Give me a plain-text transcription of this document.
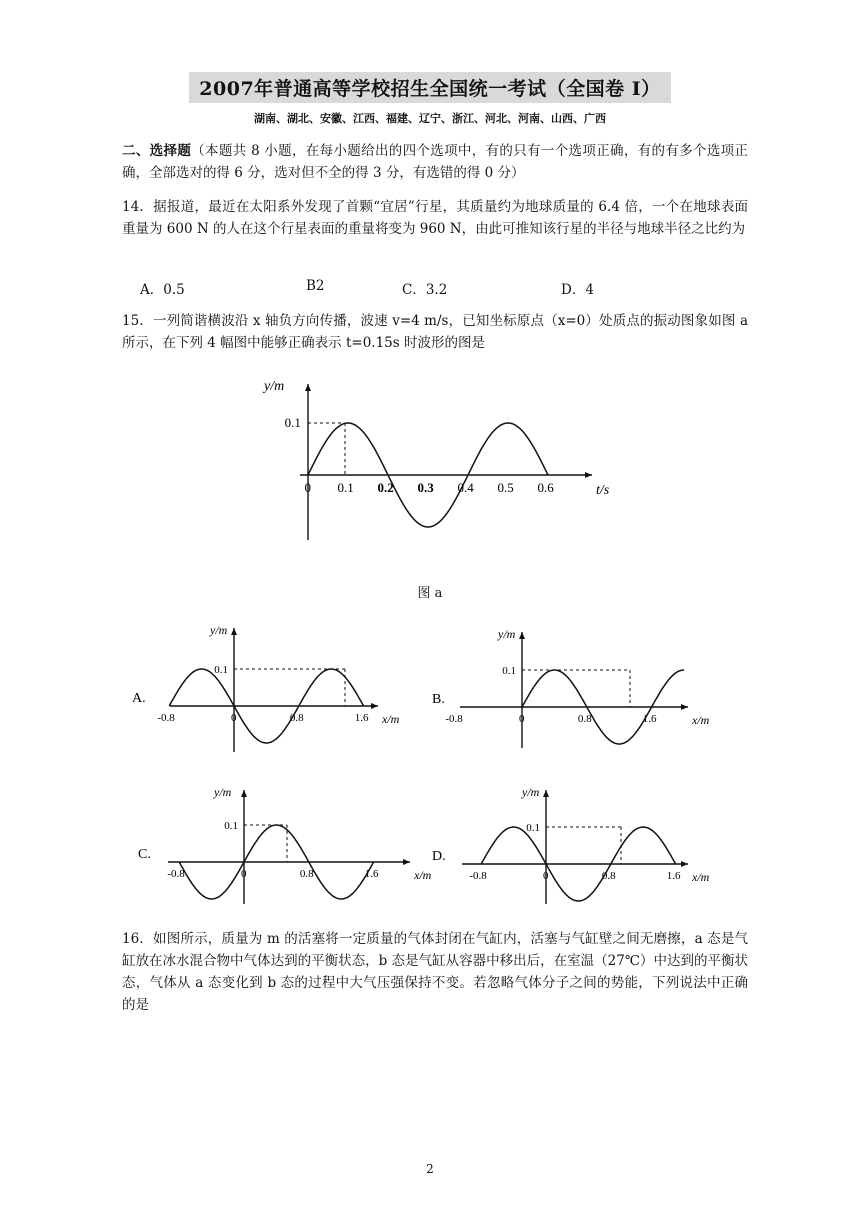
2007年普通高等学校招生全国统一考试（全国卷 I）
湖南、湖北、安徽、江西、福建、辽宁、浙江、河北、河南、山西、广西
二、选择题（本题共 8 小题，在每小题给出的四个选项中，有的只有一个选项正确，有的有多个选项正确，全部选对的得 6 分，选对但不全的得 3 分，有选错的得 0 分）
14．据报道，最近在太阳系外发现了首颗“宜居”行星，其质量约为地球质量的 6.4 倍，一个在地球表面重量为 600 N 的人在这个行星表面的重量将变为 960 N，由此可推知该行星的半径与地球半径之比约为
A．0.5	B2	C．3.2	D．4
15．一列简谐横波沿 x 轴负方向传播，波速 v=4 m/s，已知坐标原点（x=0）处质点的振动图象如图 a 所示，在下列 4 幅图中能够正确表示 t=0.15s 时波形的图是
y/m
t/s
0 0.1 0.2 0.3 0.4 0.5 0.6
0.1
图 a
y/m
x/m
-0.8	0	0.8	1.6
0.1
A.
y/m
x/m
-0.8	0	0.8	1.6
0.1
B.
y/m
x/m
-0.8	0	0.8	1.6
0.1
C.
y/m
x/m
-0.8	0	0.8	1.6
0.1
D.
16．如图所示，质量为 m 的活塞将一定质量的气体封闭在气缸内，活塞与气缸壁之间无磨擦，a 态是气缸放在冰水混合物中气体达到的平衡状态，b 态是气缸从容器中移出后，在室温（27℃）中达到的平衡状态，气体从 a 态变化到 b 态的过程中大气压强保持不变。若忽略气体分子之间的势能，下列说法中正确的是
2
